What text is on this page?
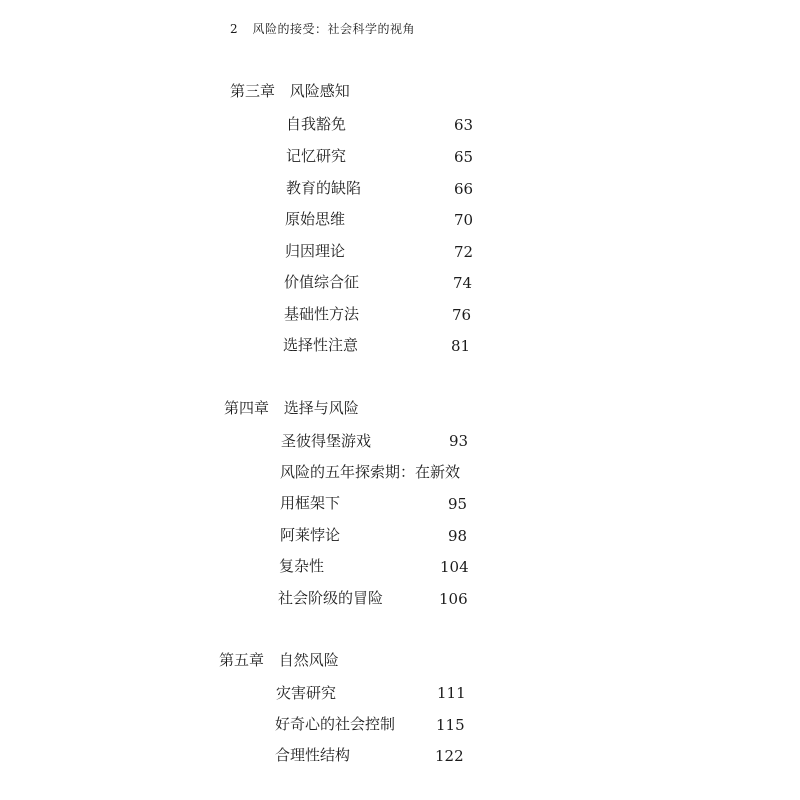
2 风险的接受：社会科学的视角
第三章 风险感知
自我豁免	63
记忆研究	65
教育的缺陷	66
原始思维	70
归因理论	72
价值综合征	74
基础性方法	76
选择性注意	81
第四章 选择与风险
圣彼得堡游戏	93
风险的五年探索期：在新效
用框架下	95
阿莱悖论	98
复杂性	104
社会阶级的冒险	106
第五章 自然风险
灾害研究	111
好奇心的社会控制	115
合理性结构	122
